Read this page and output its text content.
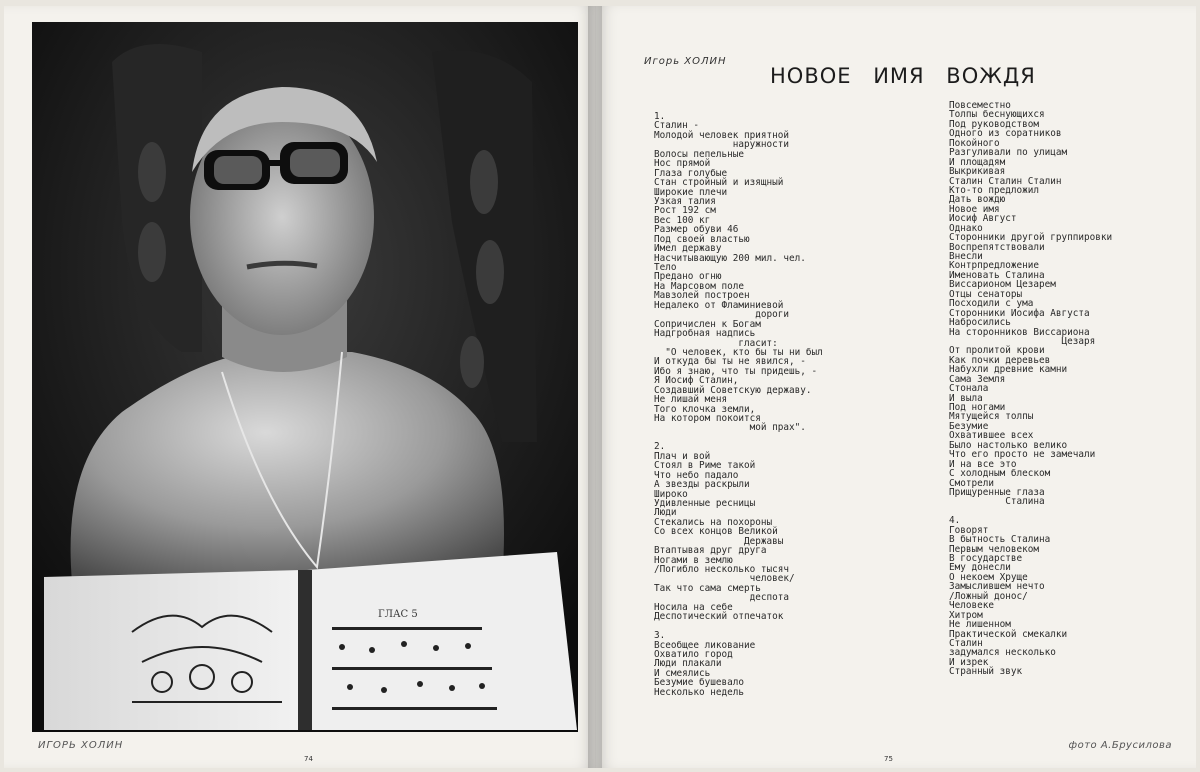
ГЛАС 5
ИГОРЬ ХОЛИН	фото А.Брусилова
74
Игорь ХОЛИН
НОВОЕ ИМЯ ВОЖДЯ
1.
Сталин -
Молодой человек приятной
наружности
Волосы пепельные
Нос прямой
Глаза голубые
Стан стройный и изящный
Широкие плечи
Узкая талия
Рост 192 см
Вес 100 кг
Размер обуви 46
Под своей властью
Имел державу
Насчитывающую 200 мил. чел.
Тело
Предано огню
На Марсовом поле
Мавзолей построен
Недалеко от Фламиниевой
дороги
Сопричислен к Богам
Надгробная надпись
гласит:
"О человек, кто бы ты ни был
И откуда бы ты не явился, -
Ибо я знаю, что ты придешь, -
Я Иосиф Сталин,
Создавший Советскую державу.
Не лишай меня
Того клочка земли,
На котором покоится
мой прах".
2.
Плач и вой
Стоял в Риме такой
Что небо падало
А звезды раскрыли
Широко
Удивленные ресницы
Люди
Стекались на похороны
Со всех концов Великой
Державы
Втаптывая друг друга
Ногами в землю
/Погибло несколько тысяч
человек/
Так что сама смерть
деспота
Носила на себе
Деспотический отпечаток
3.
Всеобщее ликование
Охватило город
Люди плакали
И смеялись
Безумие бушевало
Несколько недель
Повсеместно
Толпы беснующихся
Под руководством
Одного из соратников
Покойного
Разгуливали по улицам
И площадям
Выкрикивая
Сталин Сталин Сталин
Кто-то предложил
Дать вождю
Новое имя
Иосиф Август
Однако
Сторонники другой группировки
Воспрепятствовали
Внесли
Контрпредложение
Именовать Сталина
Виссарионом Цезарем
Отцы сенаторы
Посходили с ума
Сторонники Иосифа Августа
Набросились
На сторонников Виссариона
Цезаря
От пролитой крови
Как почки деревьев
Набухли древние камни
Сама Земля
Стонала
И выла
Под ногами
Мятущейся толпы
Безумие
Охватившее всех
Было настолько велико
Что его просто не замечали
И на все это
С холодным блеском
Смотрели
Прищуренные глаза
Сталина
4.
Говорят
В бытность Сталина
Первым человеком
В государстве
Ему донесли
О некоем Хруще
Замыслившем нечто
/Ложный донос/
Человеке
Хитром
Не лишенном
Практической смекалки
Сталин
задумался несколько
И изрек
Странный звук
75
